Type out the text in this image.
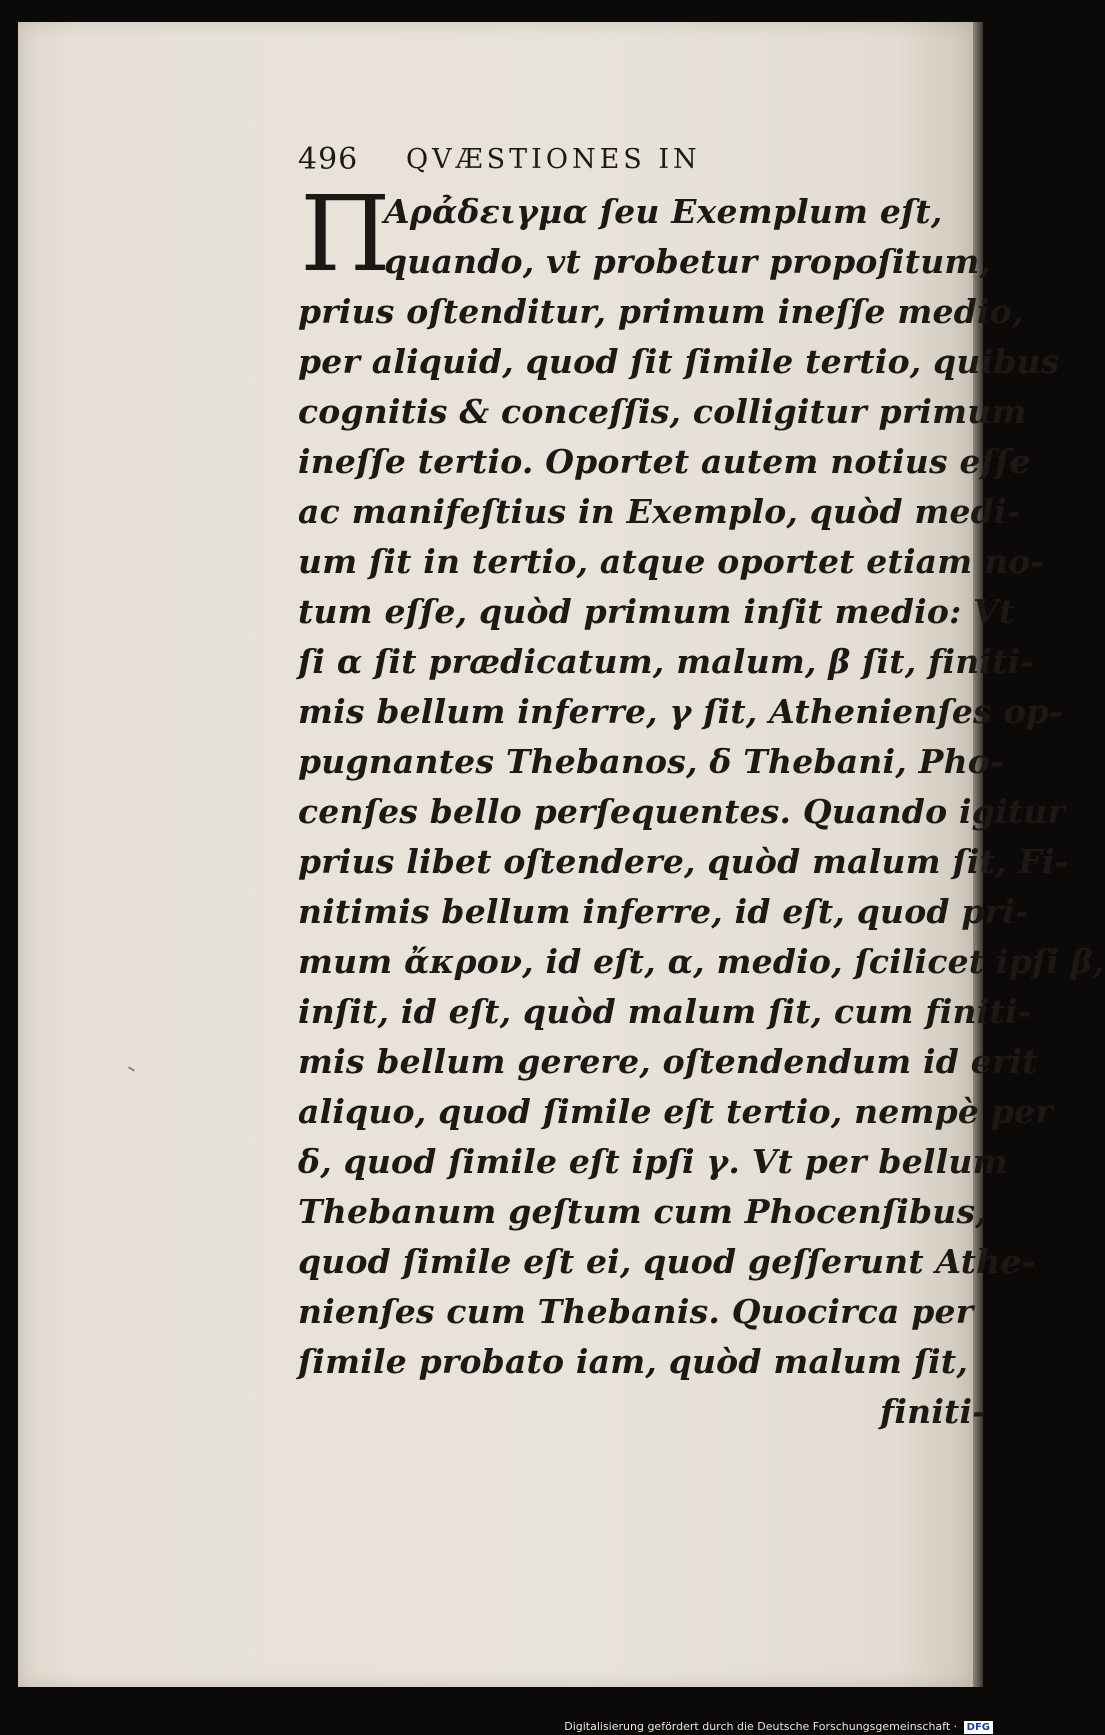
496 QVÆSTIONES IN
Π
Αρά̉δειγμα ſeu Exemplum eſt,
quando, vt probetur propoſitum,
prius oſtenditur, primum ineſſe medio,
per aliquid, quod ſit ſimile tertio, quibus
cognitis & conceſſis, colligitur primum
ineſſe tertio. Oportet autem notius eſſe
ac manifeſtius in Exemplo, quòd medi-
um ſit in tertio, atque oportet etiam no-
tum eſſe, quòd primum inſit medio: Vt
ſi α ſit prædicatum, malum, β ſit, finiti-
mis bellum inferre, γ ſit, Athenienſes op-
pugnantes Thebanos, δ Thebani, Pho-
cenſes bello perſequentes. Quando igitur
prius libet oſtendere, quòd malum ſit, Fi-
nitimis bellum inferre, id eſt, quod pri-
mum ἄκρον, id eſt, α, medio, ſcilicet ipſi β,
inſit, id eſt, quòd malum ſit, cum finiti-
mis bellum gerere, oſtendendum id erit
aliquo, quod ſimile eſt tertio, nempè per
δ, quod ſimile eſt ipſi γ. Vt per bellum
Thebanum geſtum cum Phocenſibus,
quod ſimile eſt ei, quod geſſerunt Athe-
nienſes cum Thebanis. Quocirca per
ſimile probato iam, quòd malum ſit,
finiti-
Digitalisierung gefördert durch die Deutsche Forschungsgemeinschaft · DFG
